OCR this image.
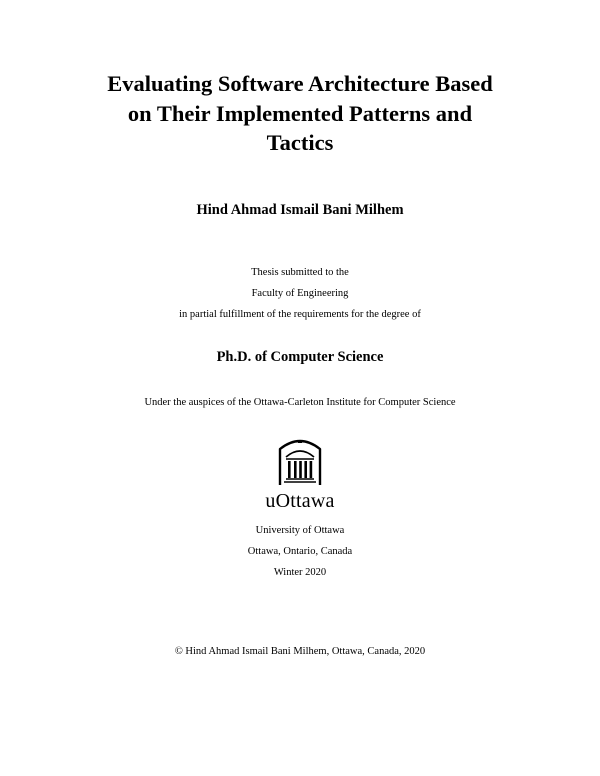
Evaluating Software Architecture Based
on Their Implemented Patterns and
Tactics
Hind Ahmad Ismail Bani Milhem
Thesis submitted to the
Faculty of Engineering
in partial fulfillment of the requirements for the degree of
Ph.D. of Computer Science
Under the auspices of the Ottawa-Carleton Institute for Computer Science
uOttawa
University of Ottawa
Ottawa, Ontario, Canada
Winter 2020
© Hind Ahmad Ismail Bani Milhem, Ottawa, Canada, 2020
